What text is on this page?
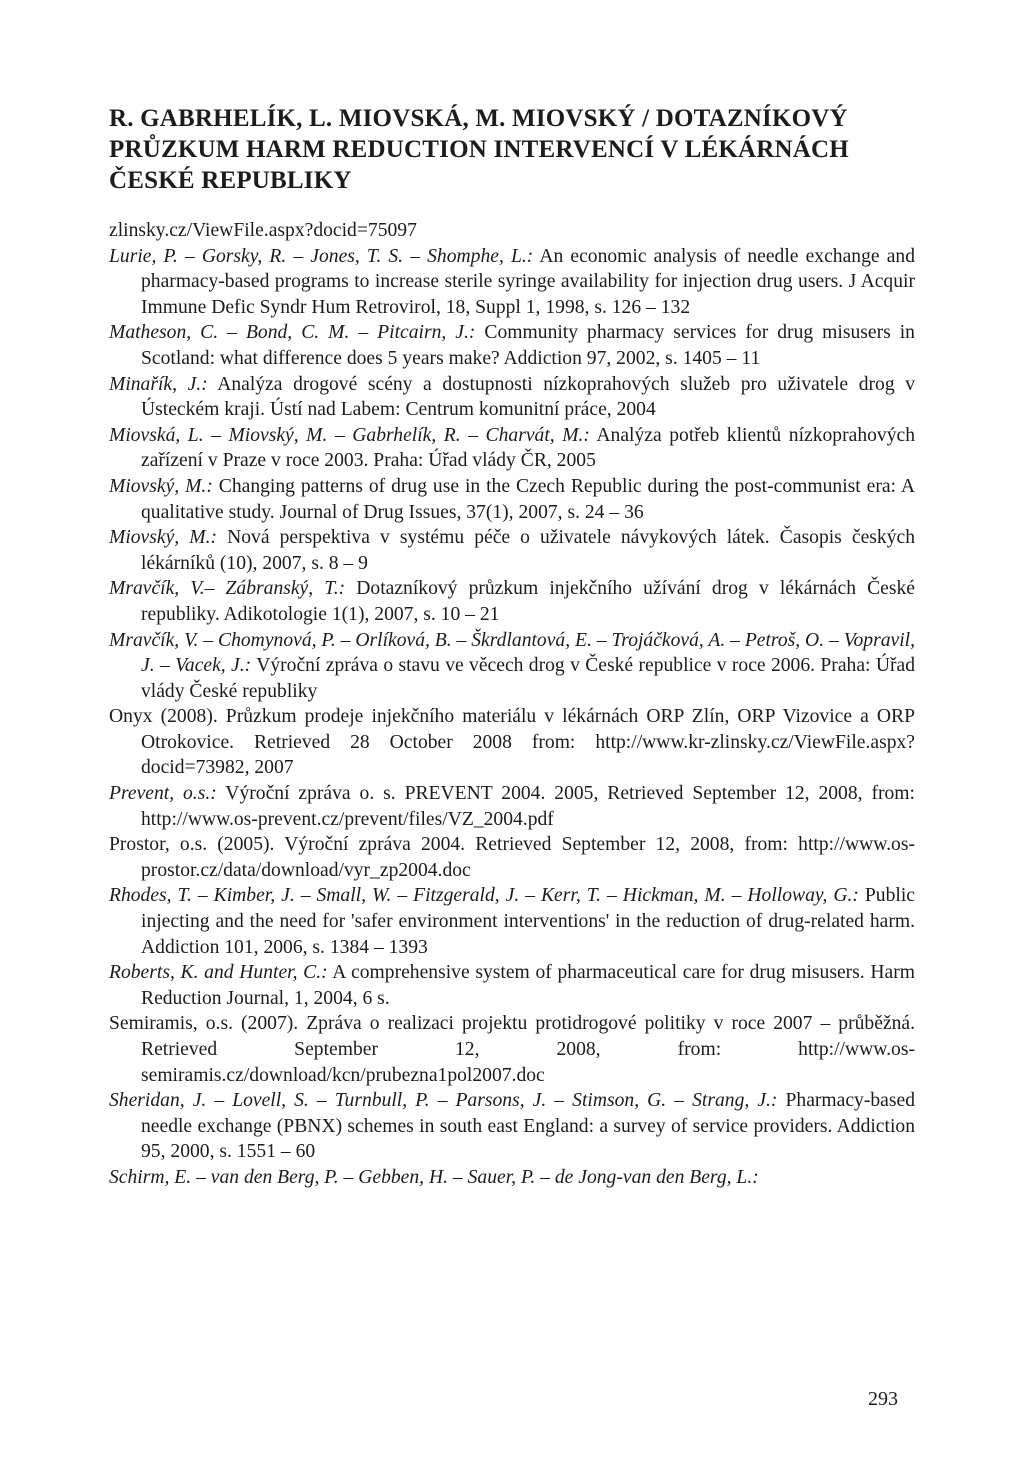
R. GABRHELÍK, L. MIOVSKÁ, M. MIOVSKÝ / DOTAZNÍKOVÝ
PRŮZKUM HARM REDUCTION INTERVENCÍ V LÉKÁRNÁCH
ČESKÉ REPUBLIKY

zlinsky.cz/ViewFile.aspx?docid=75097

Lurie, P. – Gorsky, R. – Jones, T. S. – Shomphe, L.: An economic analysis of needle exchange and pharmacy-based programs to increase sterile syringe availability for injection drug users. J Acquir Immune Defic Syndr Hum Retrovirol, 18, Suppl 1, 1998, s. 126 – 132

Matheson, C. – Bond, C. M. – Pitcairn, J.: Community pharmacy services for drug misusers in Scotland: what difference does 5 years make? Addiction 97, 2002, s. 1405 – 11

Minařík, J.: Analýza drogové scény a dostupnosti nízkoprahových služeb pro uživatele drog v Ústeckém kraji. Ústí nad Labem: Centrum komunitní práce, 2004

Miovská, L. – Miovský, M. – Gabrhelík, R. – Charvát, M.: Analýza potřeb klientů nízkoprahových zařízení v Praze v roce 2003. Praha: Úřad vlády ČR, 2005

Miovský, M.: Changing patterns of drug use in the Czech Republic during the post-communist era: A qualitative study. Journal of Drug Issues, 37(1), 2007, s. 24 – 36

Miovský, M.: Nová perspektiva v systému péče o uživatele návykových látek. Časopis českých lékárníků (10), 2007, s. 8 – 9

Mravčík, V.– Zábranský, T.: Dotazníkový průzkum injekčního užívání drog v lékárnách České republiky. Adikotologie 1(1), 2007, s. 10 – 21

Mravčík, V. – Chomynová, P. – Orlíková, B. – Škrdlantová, E. – Trojáčková, A. – Petroš, O. – Vopravil, J. – Vacek, J.: Výroční zpráva o stavu ve věcech drog v České republice v roce 2006. Praha: Úřad vlády České republiky

Onyx (2008). Průzkum prodeje injekčního materiálu v lékárnách ORP Zlín, ORP Vizovice a ORP Otrokovice. Retrieved 28 October 2008 from: http://www.kr-zlinsky.cz/ViewFile.aspx?docid=73982, 2007

Prevent, o.s.: Výroční zpráva o. s. PREVENT 2004. 2005, Retrieved September 12, 2008, from: http://www.os-prevent.cz/prevent/files/VZ_2004.pdf

Prostor, o.s. (2005). Výroční zpráva 2004. Retrieved September 12, 2008, from: http://www.os-prostor.cz/data/download/vyr_zp2004.doc

Rhodes, T. – Kimber, J. – Small, W. – Fitzgerald, J. – Kerr, T. – Hickman, M. – Holloway, G.: Public injecting and the need for 'safer environment interventions' in the reduction of drug-related harm. Addiction 101, 2006, s. 1384 – 1393

Roberts, K. and Hunter, C.: A comprehensive system of pharmaceutical care for drug misusers. Harm Reduction Journal, 1, 2004, 6 s.

Semiramis, o.s. (2007). Zpráva o realizaci projektu protidrogové politiky v roce 2007 – průběžná. Retrieved September 12, 2008, from: http://www.os-semiramis.cz/download/kcn/prubezna1pol2007.doc

Sheridan, J. – Lovell, S. – Turnbull, P. – Parsons, J. – Stimson, G. – Strang, J.: Pharmacy-based needle exchange (PBNX) schemes in south east England: a survey of service providers. Addiction 95, 2000, s. 1551 – 60

Schirm, E. – van den Berg, P. – Gebben, H. – Sauer, P. – de Jong-van den Berg, L.:

293
